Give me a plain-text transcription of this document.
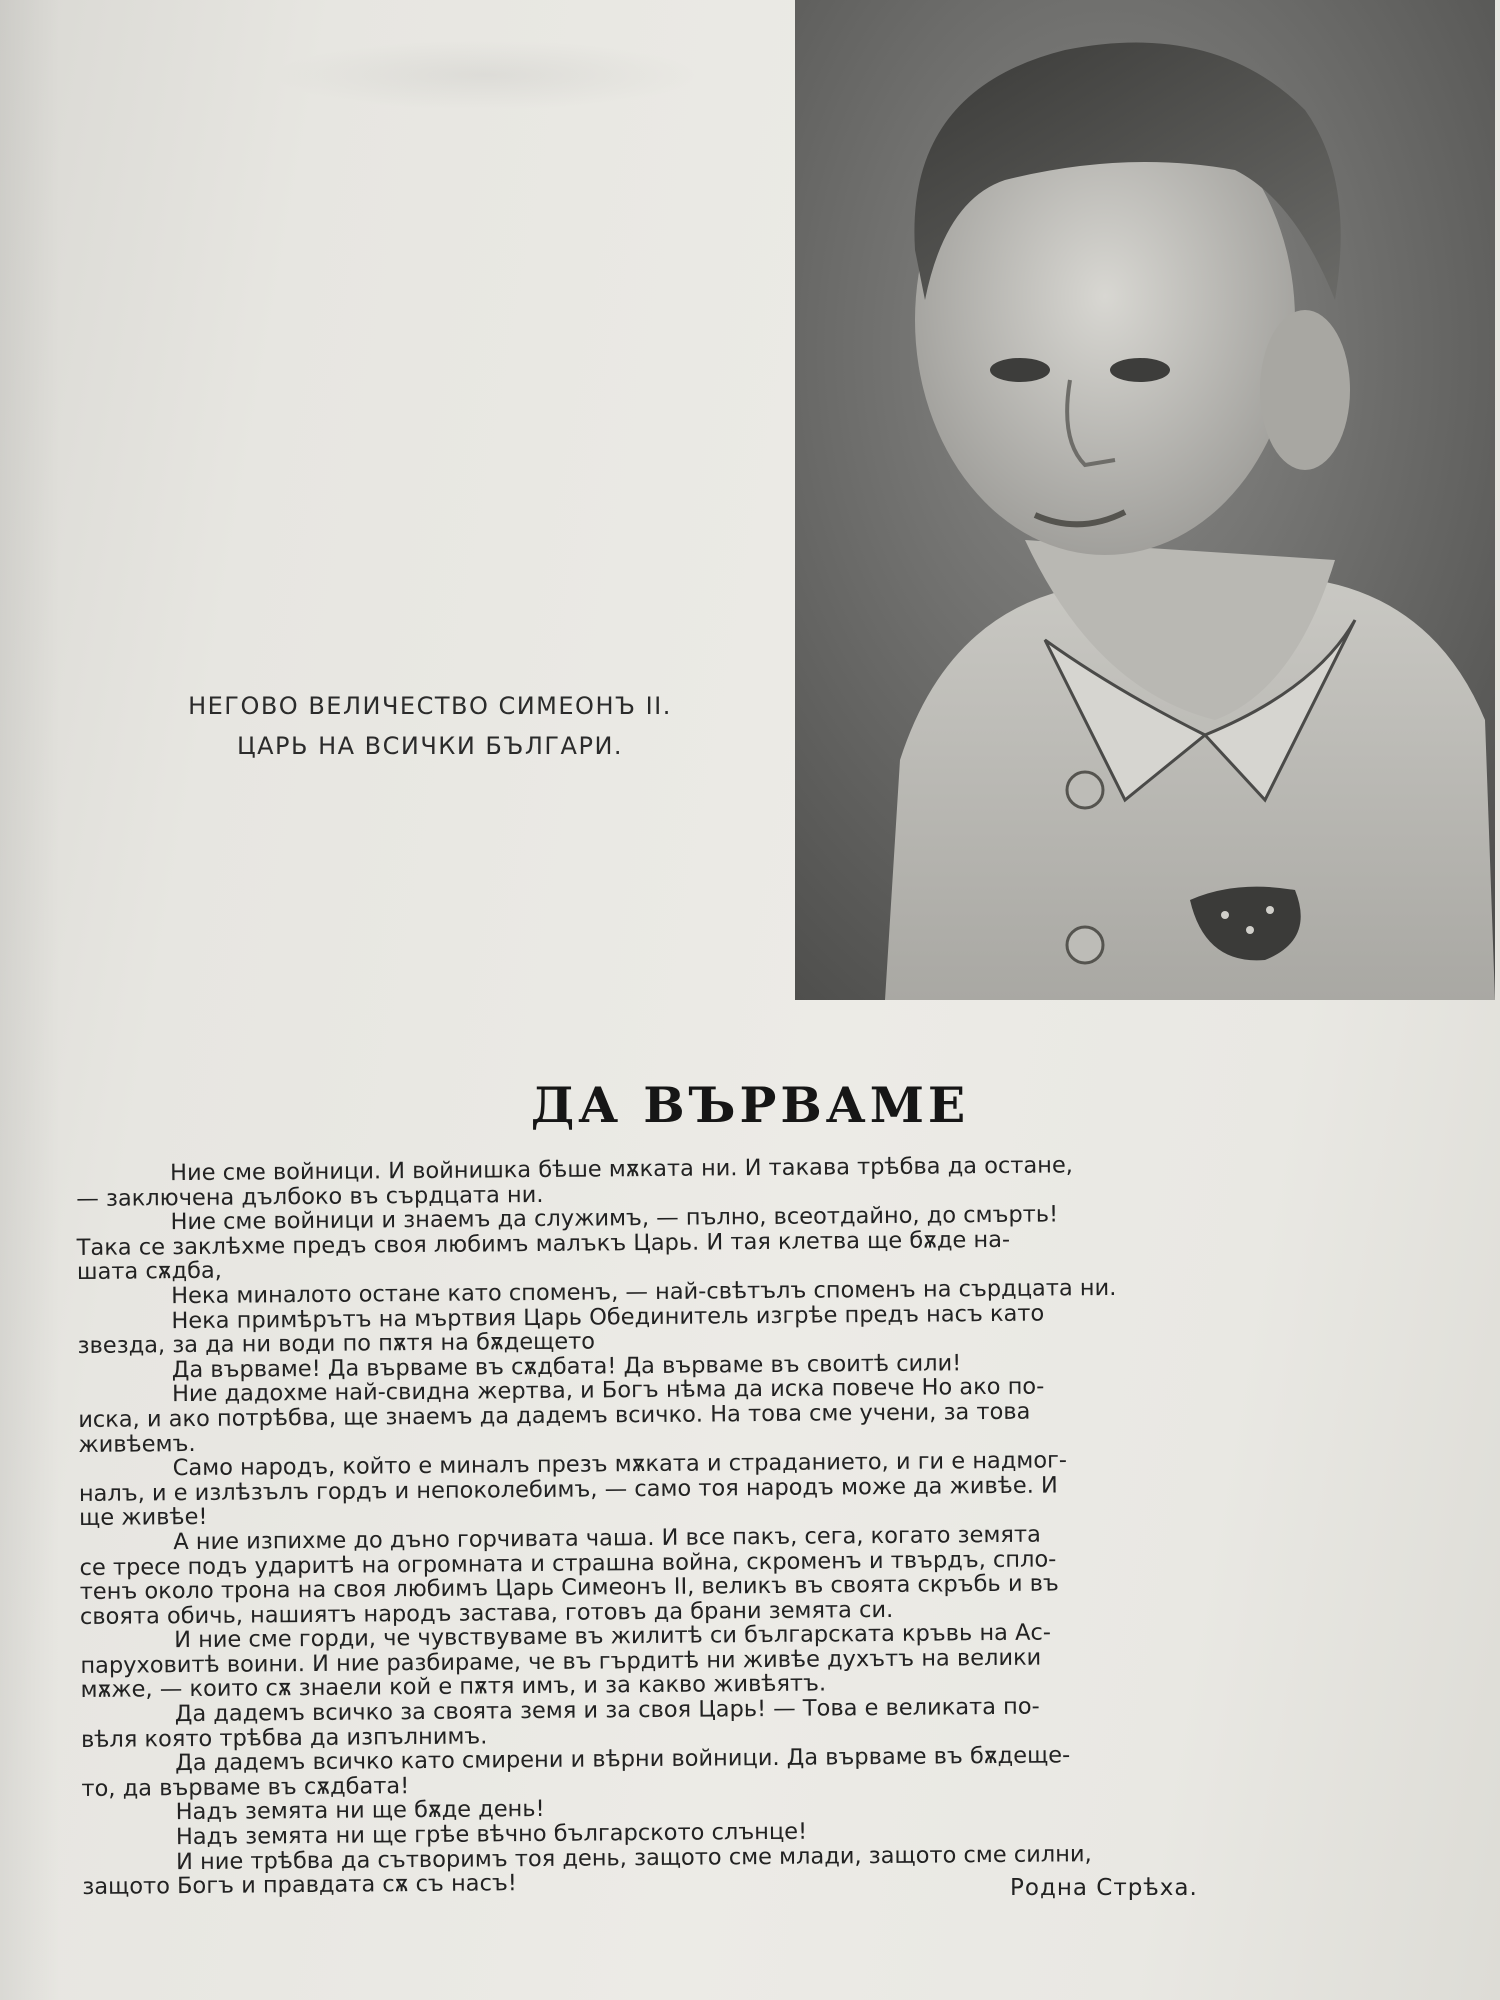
НЕГОВО ВЕЛИЧЕСТВО СИМЕОНЪ II.
ЦАРЬ НА ВСИЧКИ БЪЛГАРИ.
ДА ВЪРВАМЕ
Ние сме войници. И войнишка бѣше мѫката ни. И такава трѣбва да остане,
— заключена дълбоко въ сърдцата ни.
Ние сме войници и знаемъ да служимъ, — пълно, всеотдайно, до смърть!
Така се заклѣхме предъ своя любимъ малъкъ Царь. И тая клетва ще бѫде на-
шата сѫдба,
Нека миналото остане като споменъ, — най-свѣтълъ споменъ на сърдцата ни.
Нека примѣрътъ на мъртвия Царь Обединитель изгрѣе предъ насъ като
звезда, за да ни води по пѫтя на бѫдещето
Да вървамe! Да вървамe въ сѫдбата! Да вървамe въ своитѣ сили!
Ние дадохме най-свидна жертва, и Богъ нѣма да иска повече Но ако по-
иска, и ако потрѣбва, ще знаемъ да дадемъ всичко. На това сме учени, за това
живѣемъ.
Само народъ, който е миналъ презъ мѫката и страданието, и ги е надмог-
налъ, и е излѣзълъ гордъ и непоколебимъ, — само тоя народъ може да живѣе. И
ще живѣе!
А ние изпихме до дъно горчивата чаша. И все пакъ, сега, когато земята
се тресе подъ ударитѣ на огромната и страшна война, скроменъ и твърдъ, спло-
тенъ около трона на своя любимъ Царь Симеонъ II, великъ въ своята скръбь и въ
своята обичь, нашиятъ народъ застава, готовъ да брани земята си.
И ние сме горди, че чувствуваме въ жилитѣ си българската кръвь на Ас-
паруховитѣ воини. И ние разбираме, че въ гърдитѣ ни живѣе духътъ на велики
мѫже, — които сѫ знаели кой е пѫтя имъ, и за какво живѣятъ.
Да дадемъ всичко за своята земя и за своя Царь! — Това е великата по-
вѣля която трѣбва да изпълнимъ.
Да дадемъ всичко като смирени и вѣрни войници. Да вървамe въ бѫдеще-
то, да вървамe въ сѫдбата!
Надъ земята ни ще бѫде день!
Надъ земята ни ще грѣе вѣчно българското слънце!
И ние трѣбва да сътворимъ тоя день, защото сме млади, защото сме силни,
защото Богъ и правдата сѫ съ насъ!	Родна Стрѣха.
